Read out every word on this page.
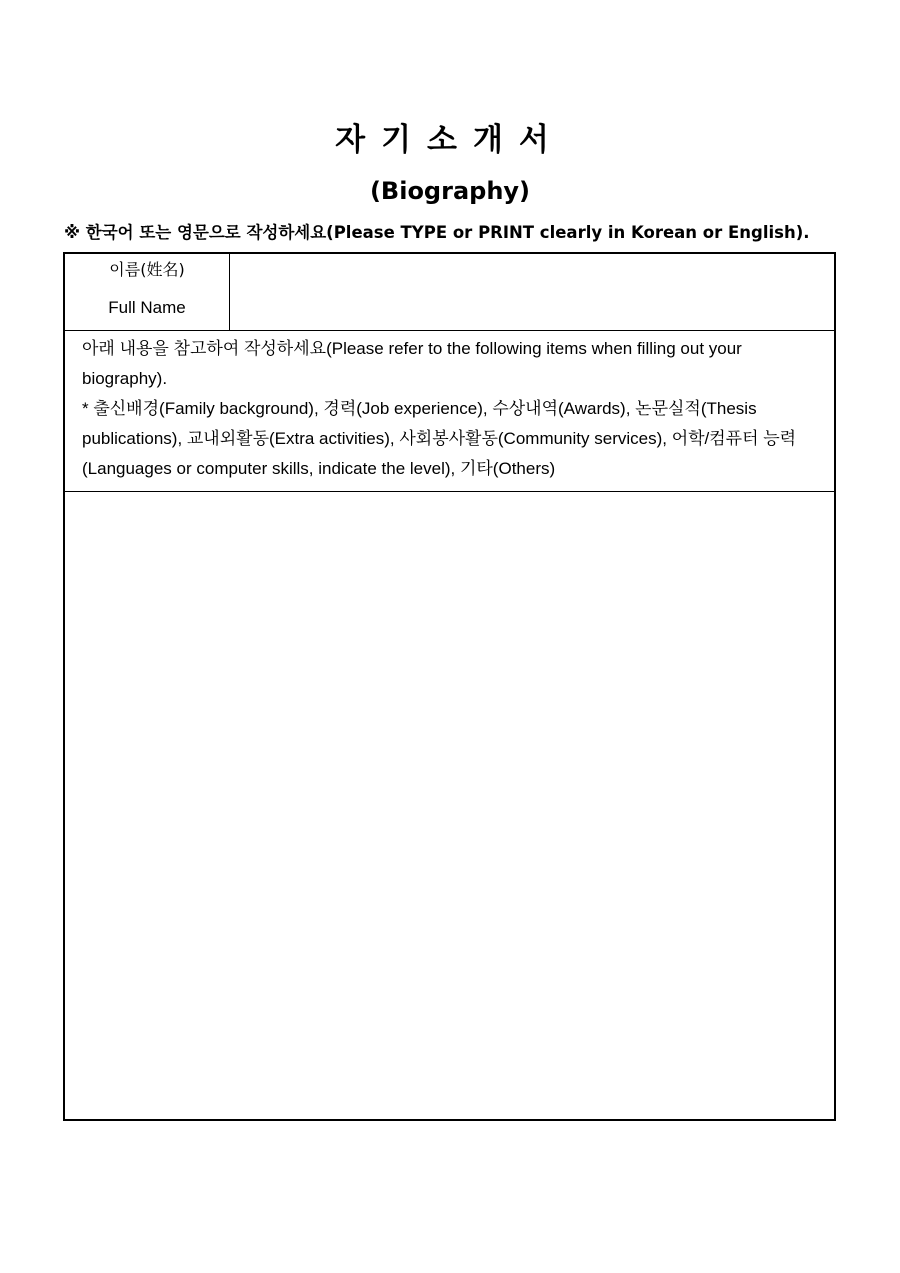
자기소개서
(Biography)
※ 한국어 또는 영문으로 작성하세요(Please TYPE or PRINT clearly in Korean or English).
이름(姓名)
Full Name

아래 내용을 참고하여 작성하세요(Please refer to the following items when filling out your biography).

* 출신배경(Family background), 경력(Job experience), 수상내역(Awards), 논문실적(Thesis publications), 교내외활동(Extra activities), 사회봉사활동(Community services), 어학/컴퓨터 능력(Languages or computer skills, indicate the level), 기타(Others)
